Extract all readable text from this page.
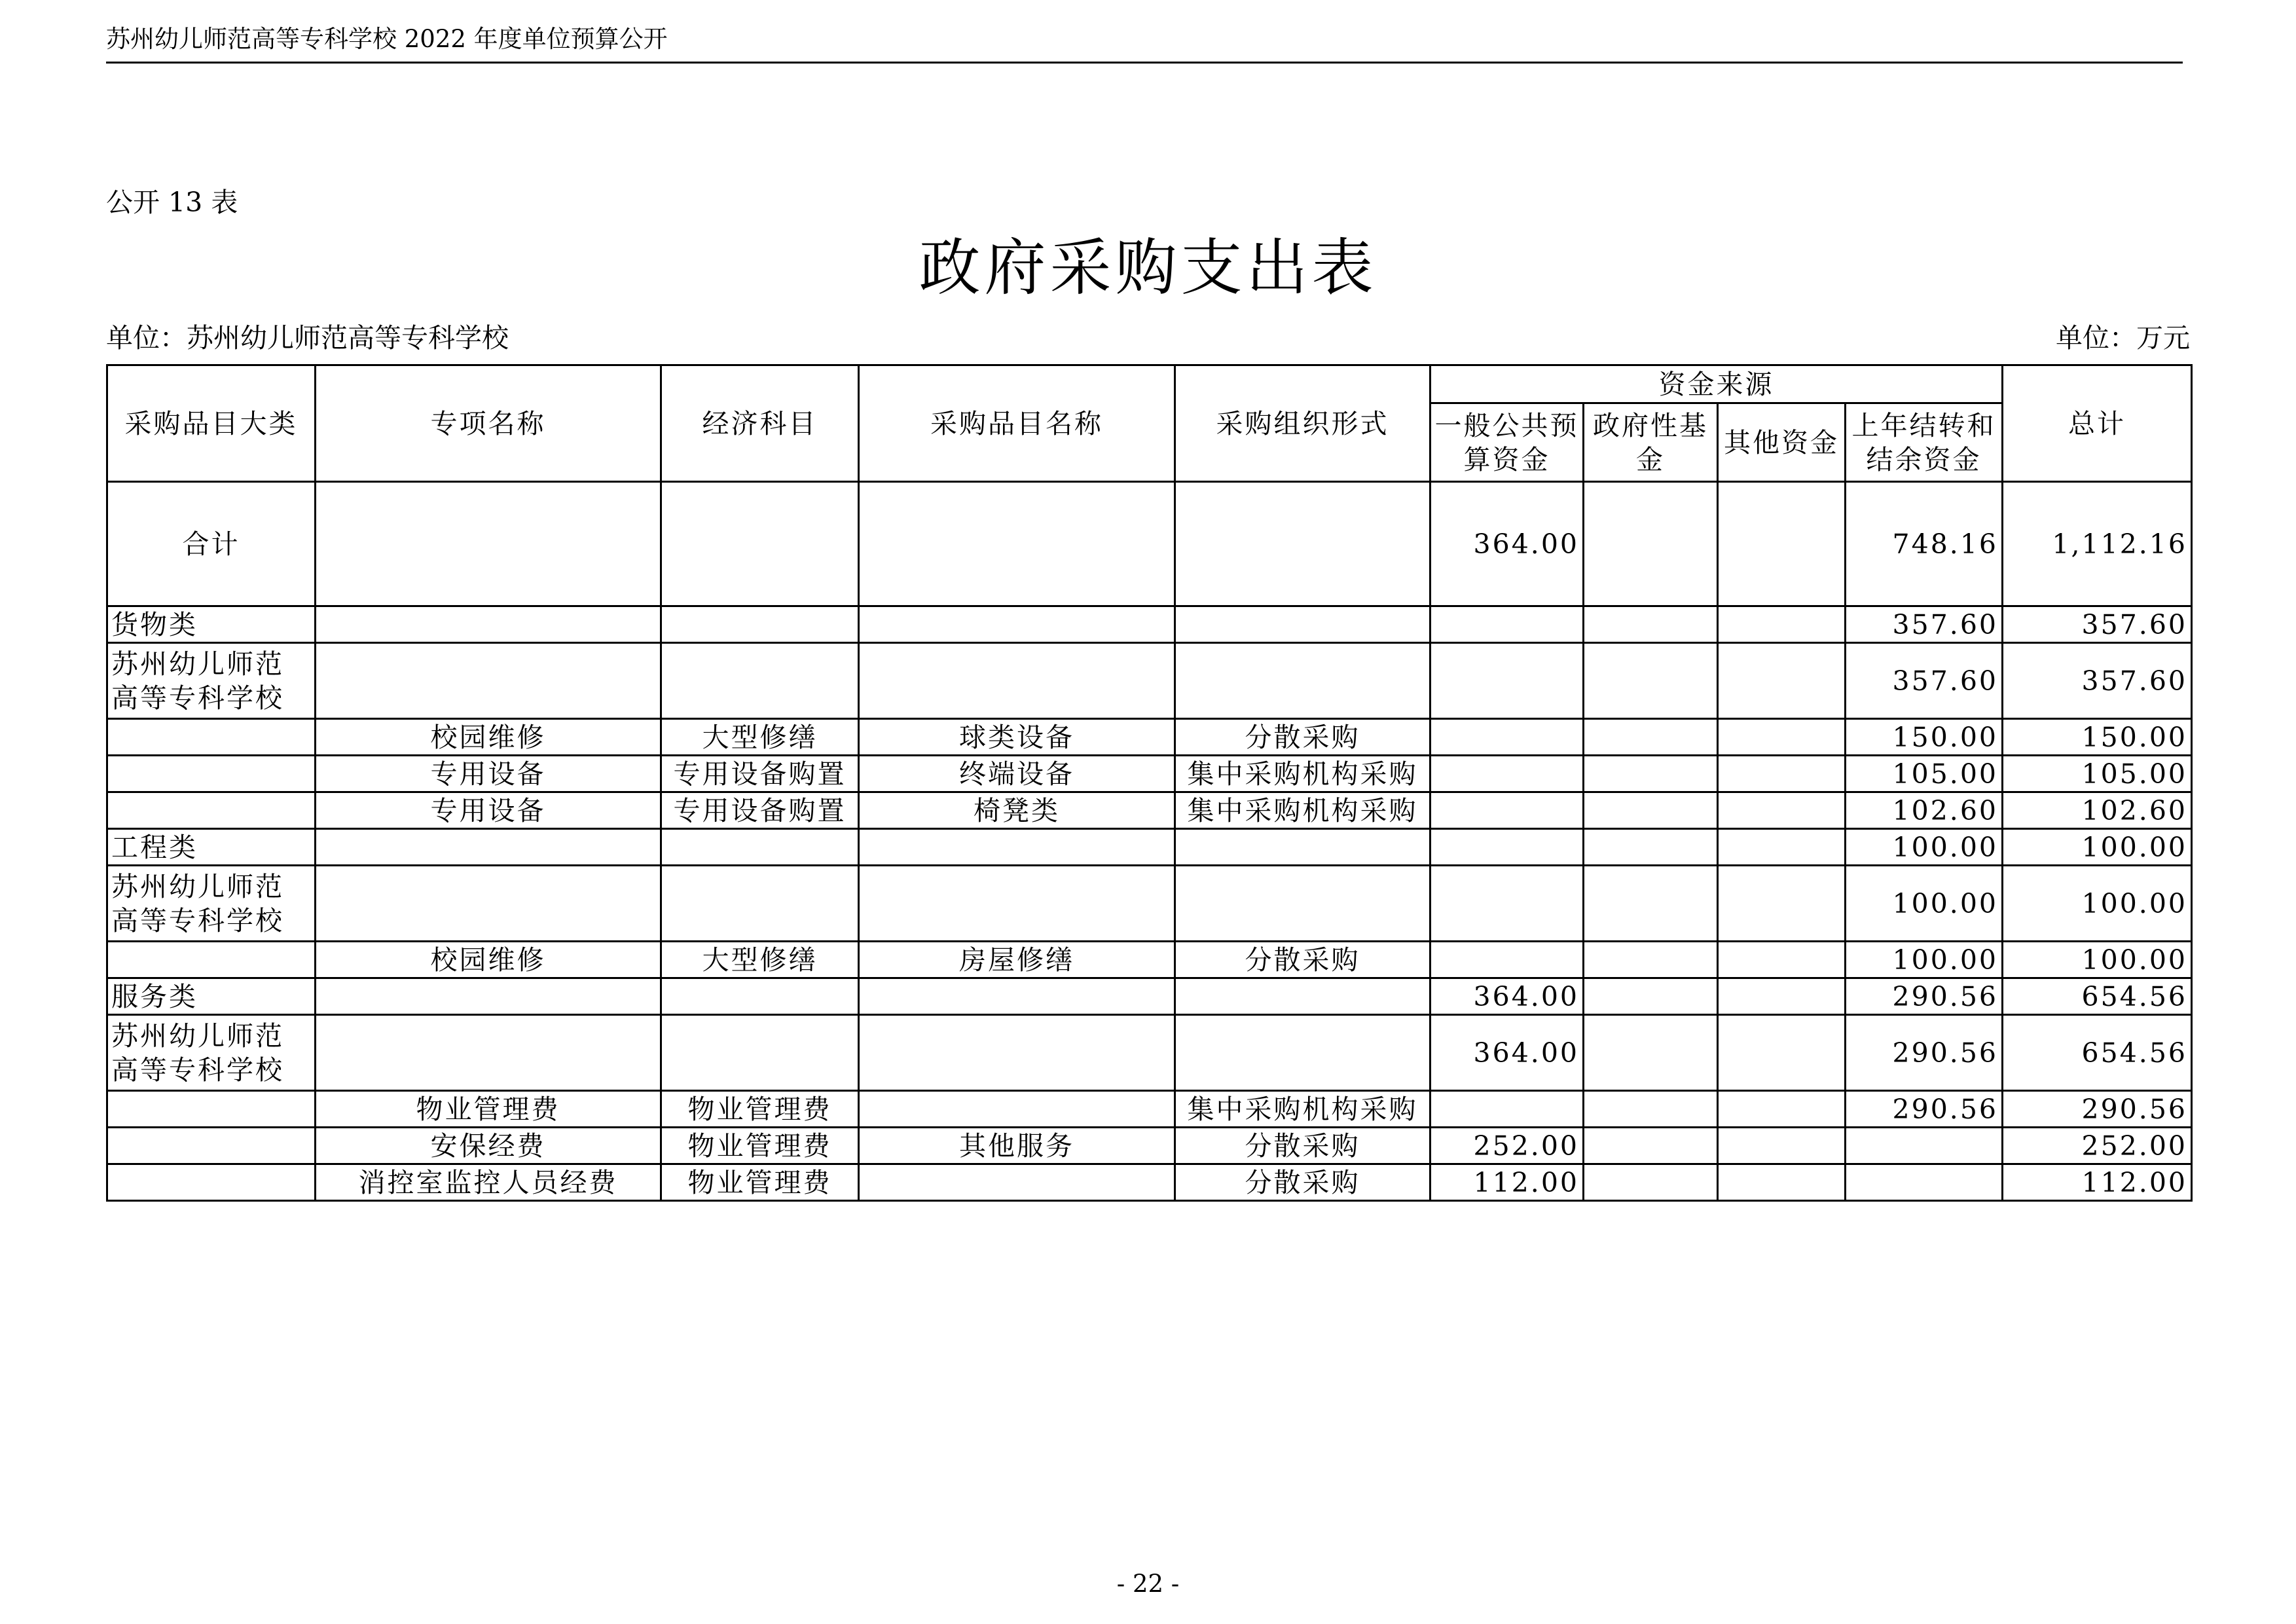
苏州幼儿师范高等专科学校 2022 年度单位预算公开
公开 13 表
政府采购支出表
单位：苏州幼儿师范高等专科学校	单位：万元
采购品目大类	专项名称	经济科目	采购品目名称	采购组织形式	资金来源				总计
					一般公共预算资金	政府性基金	其他资金	上年结转和结余资金	
合计					364.00			748.16	1,112.16
货物类								357.60	357.60
苏州幼儿师范高等专科学校								357.60	357.60
	校园维修	大型修缮	球类设备	分散采购				150.00	150.00
	专用设备	专用设备购置	终端设备	集中采购机构采购				105.00	105.00
	专用设备	专用设备购置	椅凳类	集中采购机构采购				102.60	102.60
工程类								100.00	100.00
苏州幼儿师范高等专科学校								100.00	100.00
	校园维修	大型修缮	房屋修缮	分散采购				100.00	100.00
服务类					364.00			290.56	654.56
苏州幼儿师范高等专科学校					364.00			290.56	654.56
	物业管理费	物业管理费		集中采购机构采购				290.56	290.56
	安保经费	物业管理费	其他服务	分散采购	252.00				252.00
	消控室监控人员经费	物业管理费		分散采购	112.00				112.00
- 22 -
